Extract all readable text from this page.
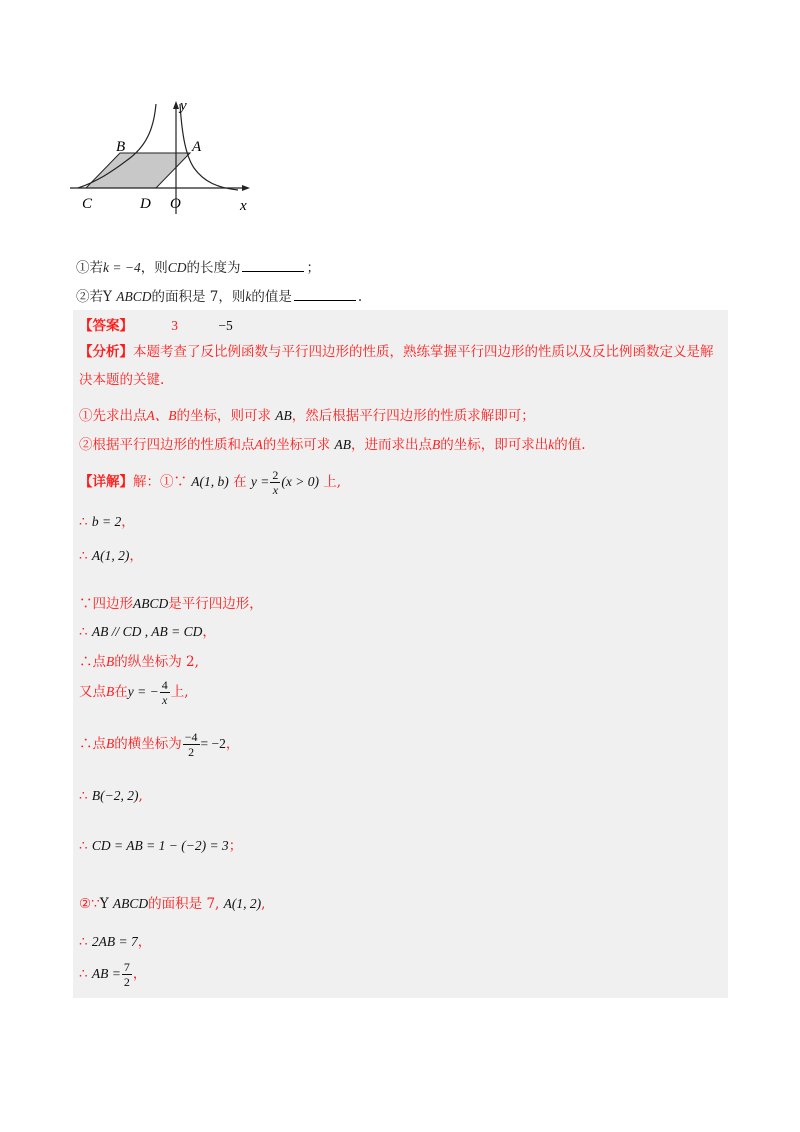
y
x
A
B
C	D O
①若k = −4，则CD的长度为	；
②若Y ABCD的面积是 7，则k的值是	.
【答案】	3	−5
【分析】本题考查了反比例函数与平行四边形的性质，熟练掌握平行四边形的性质以及反比例函数定义是解决本题的关键.
①先求出点A、B的坐标，则可求 AB，然后根据平行四边形的性质求解即可；
②根据平行四边形的性质和点A的坐标可求 AB，进而求出点B的坐标，即可求出k的值.
【详解】解：①∵ A(1, b) 在 $y = \frac{2}{x} (x > 0)$ 上,
∴ b = 2，
∴ A(1, 2)，
∵四边形ABCD是平行四边形，
∴ AB // CD , AB = CD，
∴点B的纵坐标为 2,
又点B在y = − $\frac{4}{x}$ 上,
∴点B的横坐标为 $\frac{-4}{2} = -2$，
∴ B(−2, 2),
∴ CD = AB = 1 − (−2) = 3；
②∵Y ABCD的面积是 7, A(1, 2),
∴ 2AB = 7，
∴ AB = $\frac{7}{2}$ ，
